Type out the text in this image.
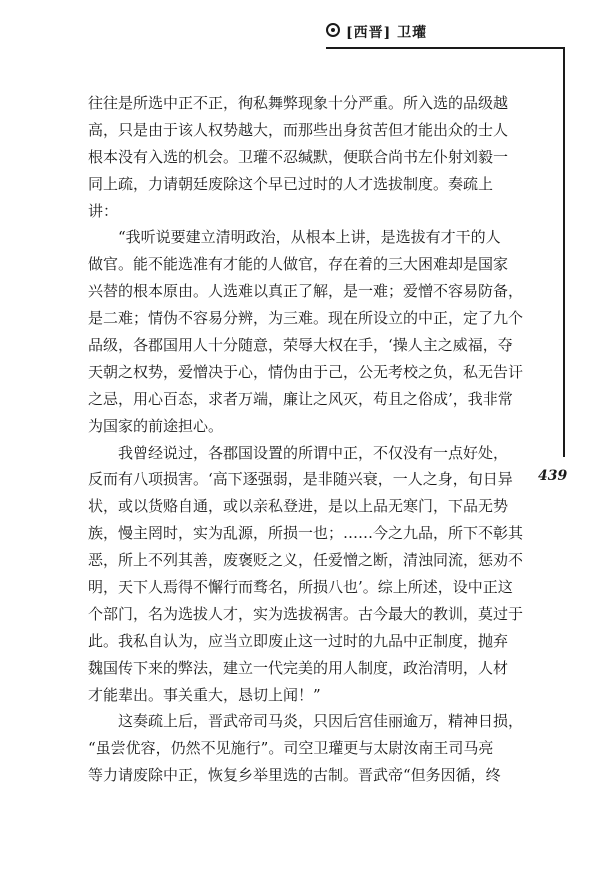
[西晋] 卫瓘
439
往往是所选中正不正，徇私舞弊现象十分严重。所入选的品级越
高，只是由于该人权势越大，而那些出身贫苦但才能出众的士人
根本没有入选的机会。卫瓘不忍缄默，便联合尚书左仆射刘毅一
同上疏，力请朝廷废除这个早已过时的人才选拔制度。奏疏上
讲：
“我听说要建立清明政治，从根本上讲，是选拔有才干的人
做官。能不能选准有才能的人做官，存在着的三大困难却是国家
兴替的根本原由。人选难以真正了解，是一难；爱憎不容易防备，
是二难；情伪不容易分辨，为三难。现在所设立的中正，定了九个
品级，各郡国用人十分随意，荣辱大权在手，‘操人主之威福，夺
天朝之权势，爱憎决于心，情伪由于己，公无考校之负，私无告讦
之忌，用心百态，求者万端，廉让之风灭，苟且之俗成’，我非常
为国家的前途担心。
我曾经说过，各郡国设置的所谓中正，不仅没有一点好处，
反而有八项损害。‘高下逐强弱，是非随兴衰，一人之身，旬日异
状，或以货赂自通，或以亲私登进，是以上品无寒门，下品无势
族，慢主罔时，实为乱源，所损一也；……今之九品，所下不彰其
恶，所上不列其善，废褒贬之义，任爱憎之断，清浊同流，惩劝不
明，天下人焉得不懈行而骛名，所损八也’。综上所述，设中正这
个部门，名为选拔人才，实为选拔祸害。古今最大的教训，莫过于
此。我私自认为，应当立即废止这一过时的九品中正制度，抛弃
魏国传下来的弊法，建立一代完美的用人制度，政治清明，人材
才能辈出。事关重大，恳切上闻！”
这奏疏上后，晋武帝司马炎，只因后宫佳丽逾万，精神日损，
“虽尝优容，仍然不见施行”。司空卫瓘更与太尉汝南王司马亮
等力请废除中正，恢复乡举里选的古制。晋武帝“但务因循，终
